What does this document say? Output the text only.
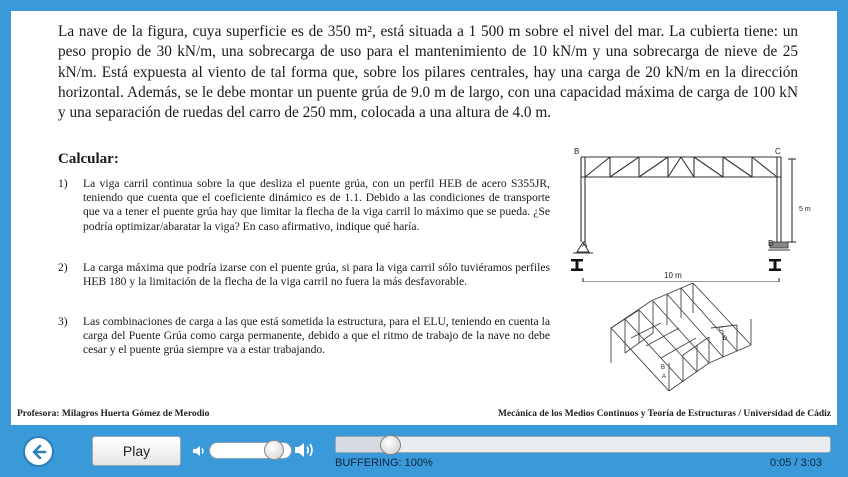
La nave de la figura, cuya superficie es de 350 m², está situada a 1 500 m sobre el nivel del mar. La cubierta tiene: un peso propio de 30 kN/m, una sobrecarga de uso para el mantenimiento de 10 kN/m y una sobrecarga de nieve de 25 kN/m. Está expuesta al viento de tal forma que, sobre los pilares centrales, hay una carga de 20 kN/m en la dirección horizontal. Además, se le debe montar un puente grúa de 9.0 m de largo, con una capacidad máxima de carga de 100 kN y una separación de ruedas del carro de 250 mm, colocada a una altura de 4.0 m.

Calcular:
1) La viga carril continua sobre la que desliza el puente grúa, con un perfil HEB de acero S355JR, teniendo que cuenta que el coeficiente dinámico es de 1.1. Debido a las condiciones de transporte que va a tener el puente grúa hay que limitar la flecha de la viga carril lo máximo que se pueda. ¿Se podría optimizar/abaratar la viga? En caso afirmativo, indique qué haría.
2) La carga máxima que podría izarse con el puente grúa, si para la viga carril sólo tuviéramos perfiles HEB 180 y la limitación de la flecha de la viga carril no fuera la más desfavorable.
3) Las combinaciones de carga a las que está sometida la estructura, para el ELU, teniendo en cuenta la carga del Puente Grúa como carga permanente, debido a que el ritmo de trabajo de la nave no debe cesar y el puente grúa siempre va a estar trabajando.
B	C
A	D
5 m
10 m
C
D
B
A
Profesora: Milagros Huerta Gómez de Merodio	Mecánica de los Medios Continuos y Teoría de Estructuras / Universidad de Cádiz
Play
BUFFERING: 100%	0:05 / 3:03
